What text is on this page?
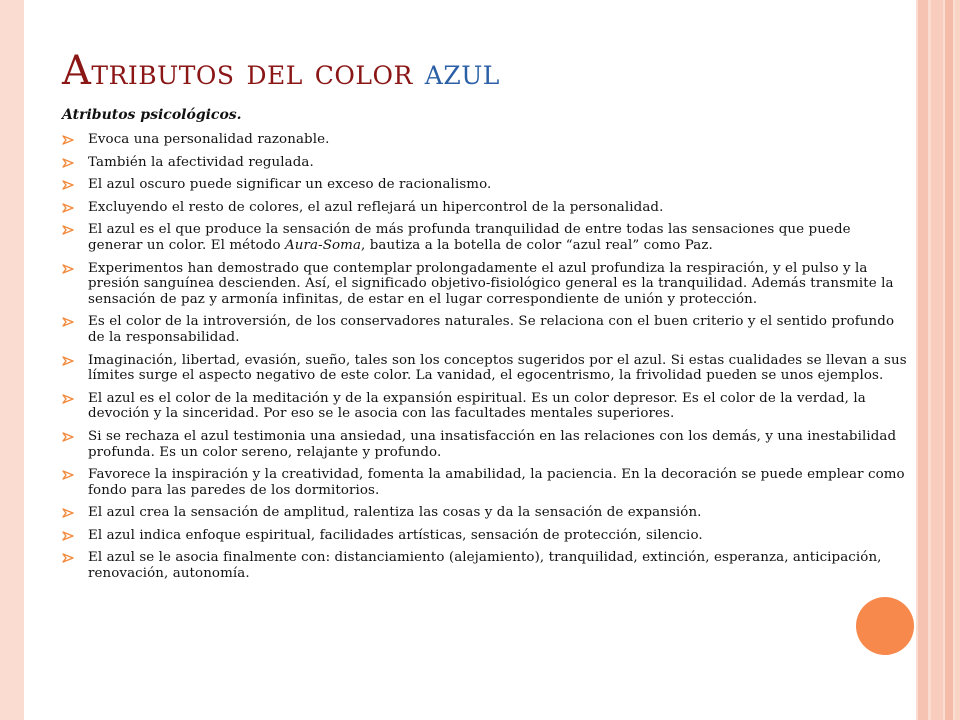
Atributos del color azul

Atributos psicológicos.

Evoca una personalidad razonable.
También la afectividad regulada.
El azul oscuro puede significar un exceso de racionalismo.
Excluyendo el resto de colores, el azul reflejará un hipercontrol de la personalidad.
El azul es el que produce la sensación de más profunda tranquilidad de entre todas las sensaciones que puede generar un color. El método Aura-Soma, bautiza a la botella de color “azul real” como Paz.
Experimentos han demostrado que contemplar prolongadamente el azul profundiza la respiración, y el pulso y la presión sanguínea descienden. Así, el significado objetivo-fisiológico general es la tranquilidad. Además transmite la sensación de paz y armonía infinitas, de estar en el lugar correspondiente de unión y protección.
Es el color de la introversión, de los conservadores naturales. Se relaciona con el buen criterio y el sentido profundo de la responsabilidad.
Imaginación, libertad, evasión, sueño, tales son los conceptos sugeridos por el azul. Si estas cualidades se llevan a sus límites surge el aspecto negativo de este color. La vanidad, el egocentrismo, la frivolidad pueden se unos ejemplos.
El azul es el color de la meditación y de la expansión espiritual. Es un color depresor. Es el color de la verdad, la devoción y la sinceridad. Por eso se le asocia con las facultades mentales superiores.
Si se rechaza el azul testimonia una ansiedad, una insatisfacción en las relaciones con los demás, y una inestabilidad profunda. Es un color sereno, relajante y profundo.
Favorece la inspiración y la creatividad, fomenta la amabilidad, la paciencia. En la decoración se puede emplear como fondo para las paredes de los dormitorios.
El azul crea la sensación de amplitud, ralentiza las cosas y da la sensación de expansión.
El azul indica enfoque espiritual, facilidades artísticas, sensación de protección, silencio.
El azul se le asocia finalmente con: distanciamiento (alejamiento), tranquilidad, extinción, esperanza, anticipación, renovación, autonomía.
